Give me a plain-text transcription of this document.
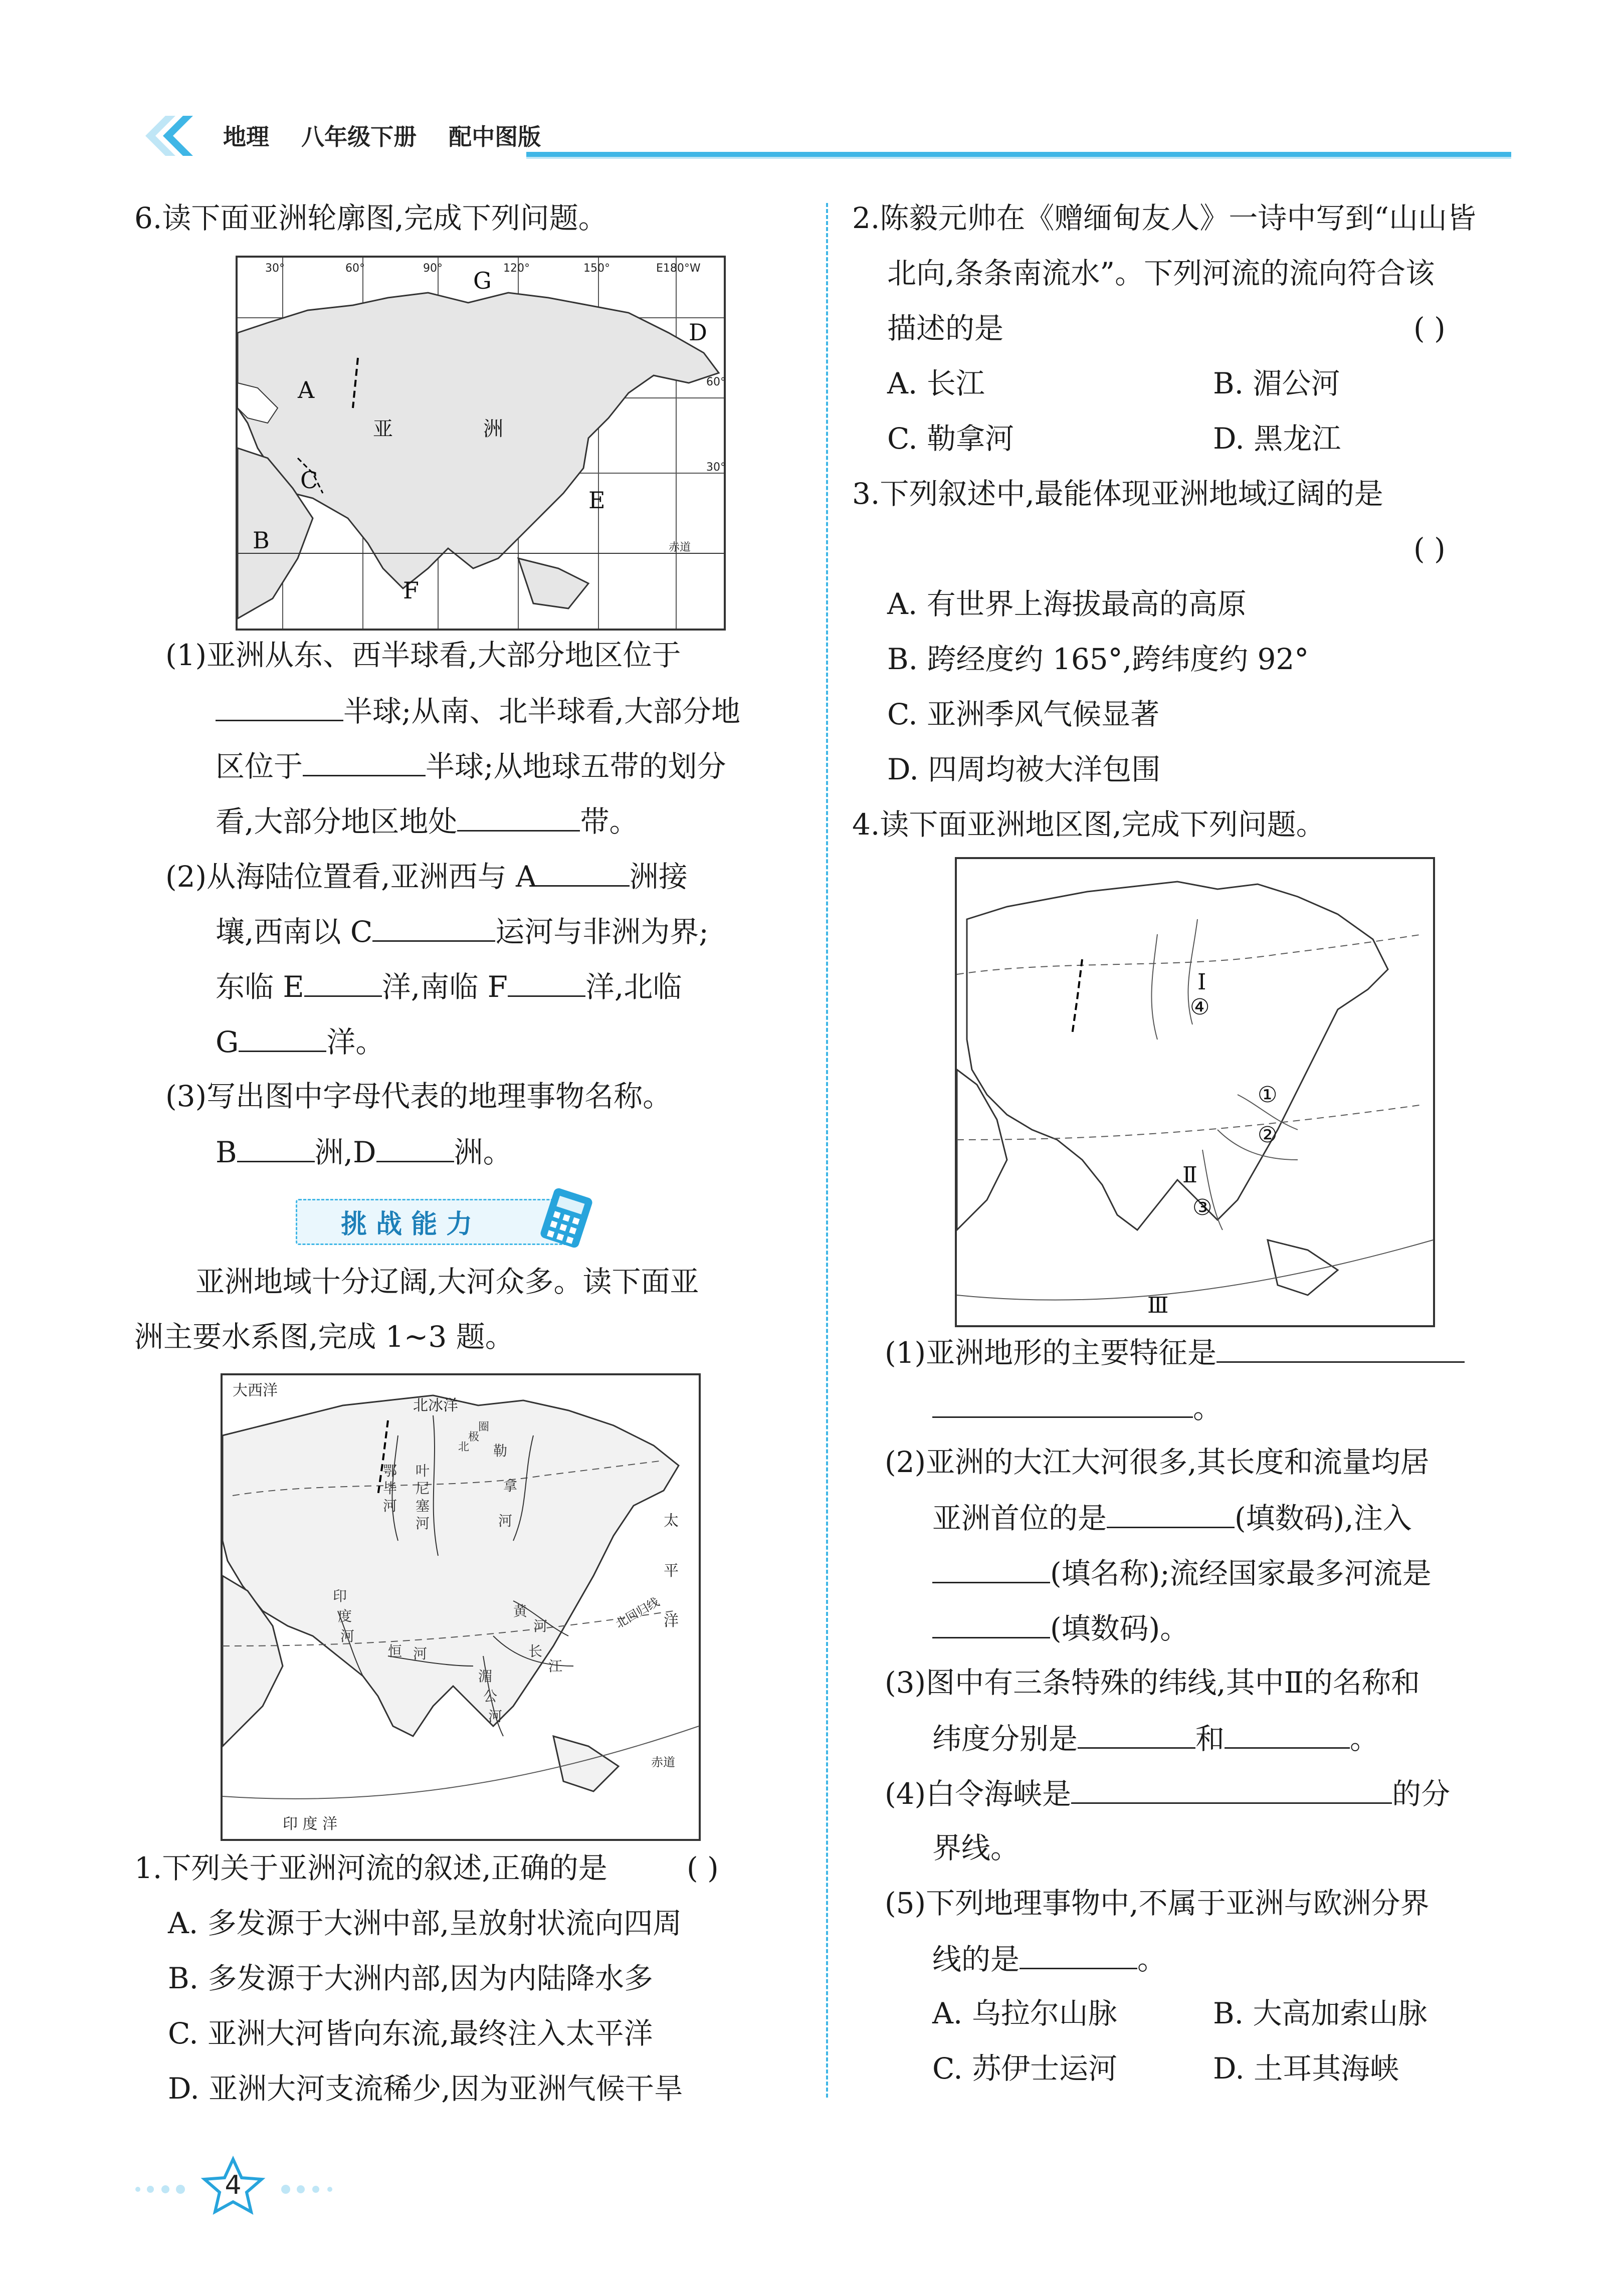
地理 八年级下册 配中图版
6.读下面亚洲轮廓图,完成下列问题。
30°	60°	90°	120°	150°	E180°W
60°
30°
赤道
G
D
A
C
E
B
F
亚	洲
(1)亚洲从东、西半球看,大部分地区位于
半球;从南、北半球看,大部分地
区位于	半球;从地球五带的划分
看,大部分地区地处	带。
(2)从海陆位置看,亚洲西与 A	洲接
壤,西南以 C	运河与非洲为界;
东临 E	洋,南临 F	洋,北临
G	洋。
(3)写出图中字母代表的地理事物名称。
B	洲,D	洲。
挑 战 能 力
亚洲地域十分辽阔,大河众多。读下面亚
洲主要水系图,完成 1~3 题。
大西洋
北冰洋
太
平
洋
印 度 洋
北回归线
赤道
叶
尼
塞
河
鄂
毕
河
勒
拿
河
黄
河
长
江
湄
公
河
恒 河
印
度
河
北
极
圈
1.下列关于亚洲河流的叙述,正确的是	( )
A. 多发源于大洲中部,呈放射状流向四周
B. 多发源于大洲内部,因为内陆降水多
C. 亚洲大河皆向东流,最终注入太平洋
D. 亚洲大河支流稀少,因为亚洲气候干旱
2.陈毅元帅在《赠缅甸友人》一诗中写到“山山皆
北向,条条南流水”。下列河流的流向符合该
描述的是	( )
A. 长江	B. 湄公河
C. 勒拿河	D. 黑龙江
3.下列叙述中,最能体现亚洲地域辽阔的是
( )
A. 有世界上海拔最高的高原
B. 跨经度约 165°,跨纬度约 92°
C. 亚洲季风气候显著
D. 四周均被大洋包围
4.读下面亚洲地区图,完成下列问题。
Ⅰ
④
①
②
Ⅱ
③
Ⅲ
(1)亚洲地形的主要特征是
。
(2)亚洲的大江大河很多,其长度和流量均居
亚洲首位的是	(填数码),注入
(填名称);流经国家最多河流是
(填数码)。
(3)图中有三条特殊的纬线,其中Ⅱ的名称和
纬度分别是	和	。
(4)白令海峡是	的分
界线。
(5)下列地理事物中,不属于亚洲与欧洲分界
线的是	。
A. 乌拉尔山脉	B. 大高加索山脉
C. 苏伊士运河	D. 土耳其海峡
4
